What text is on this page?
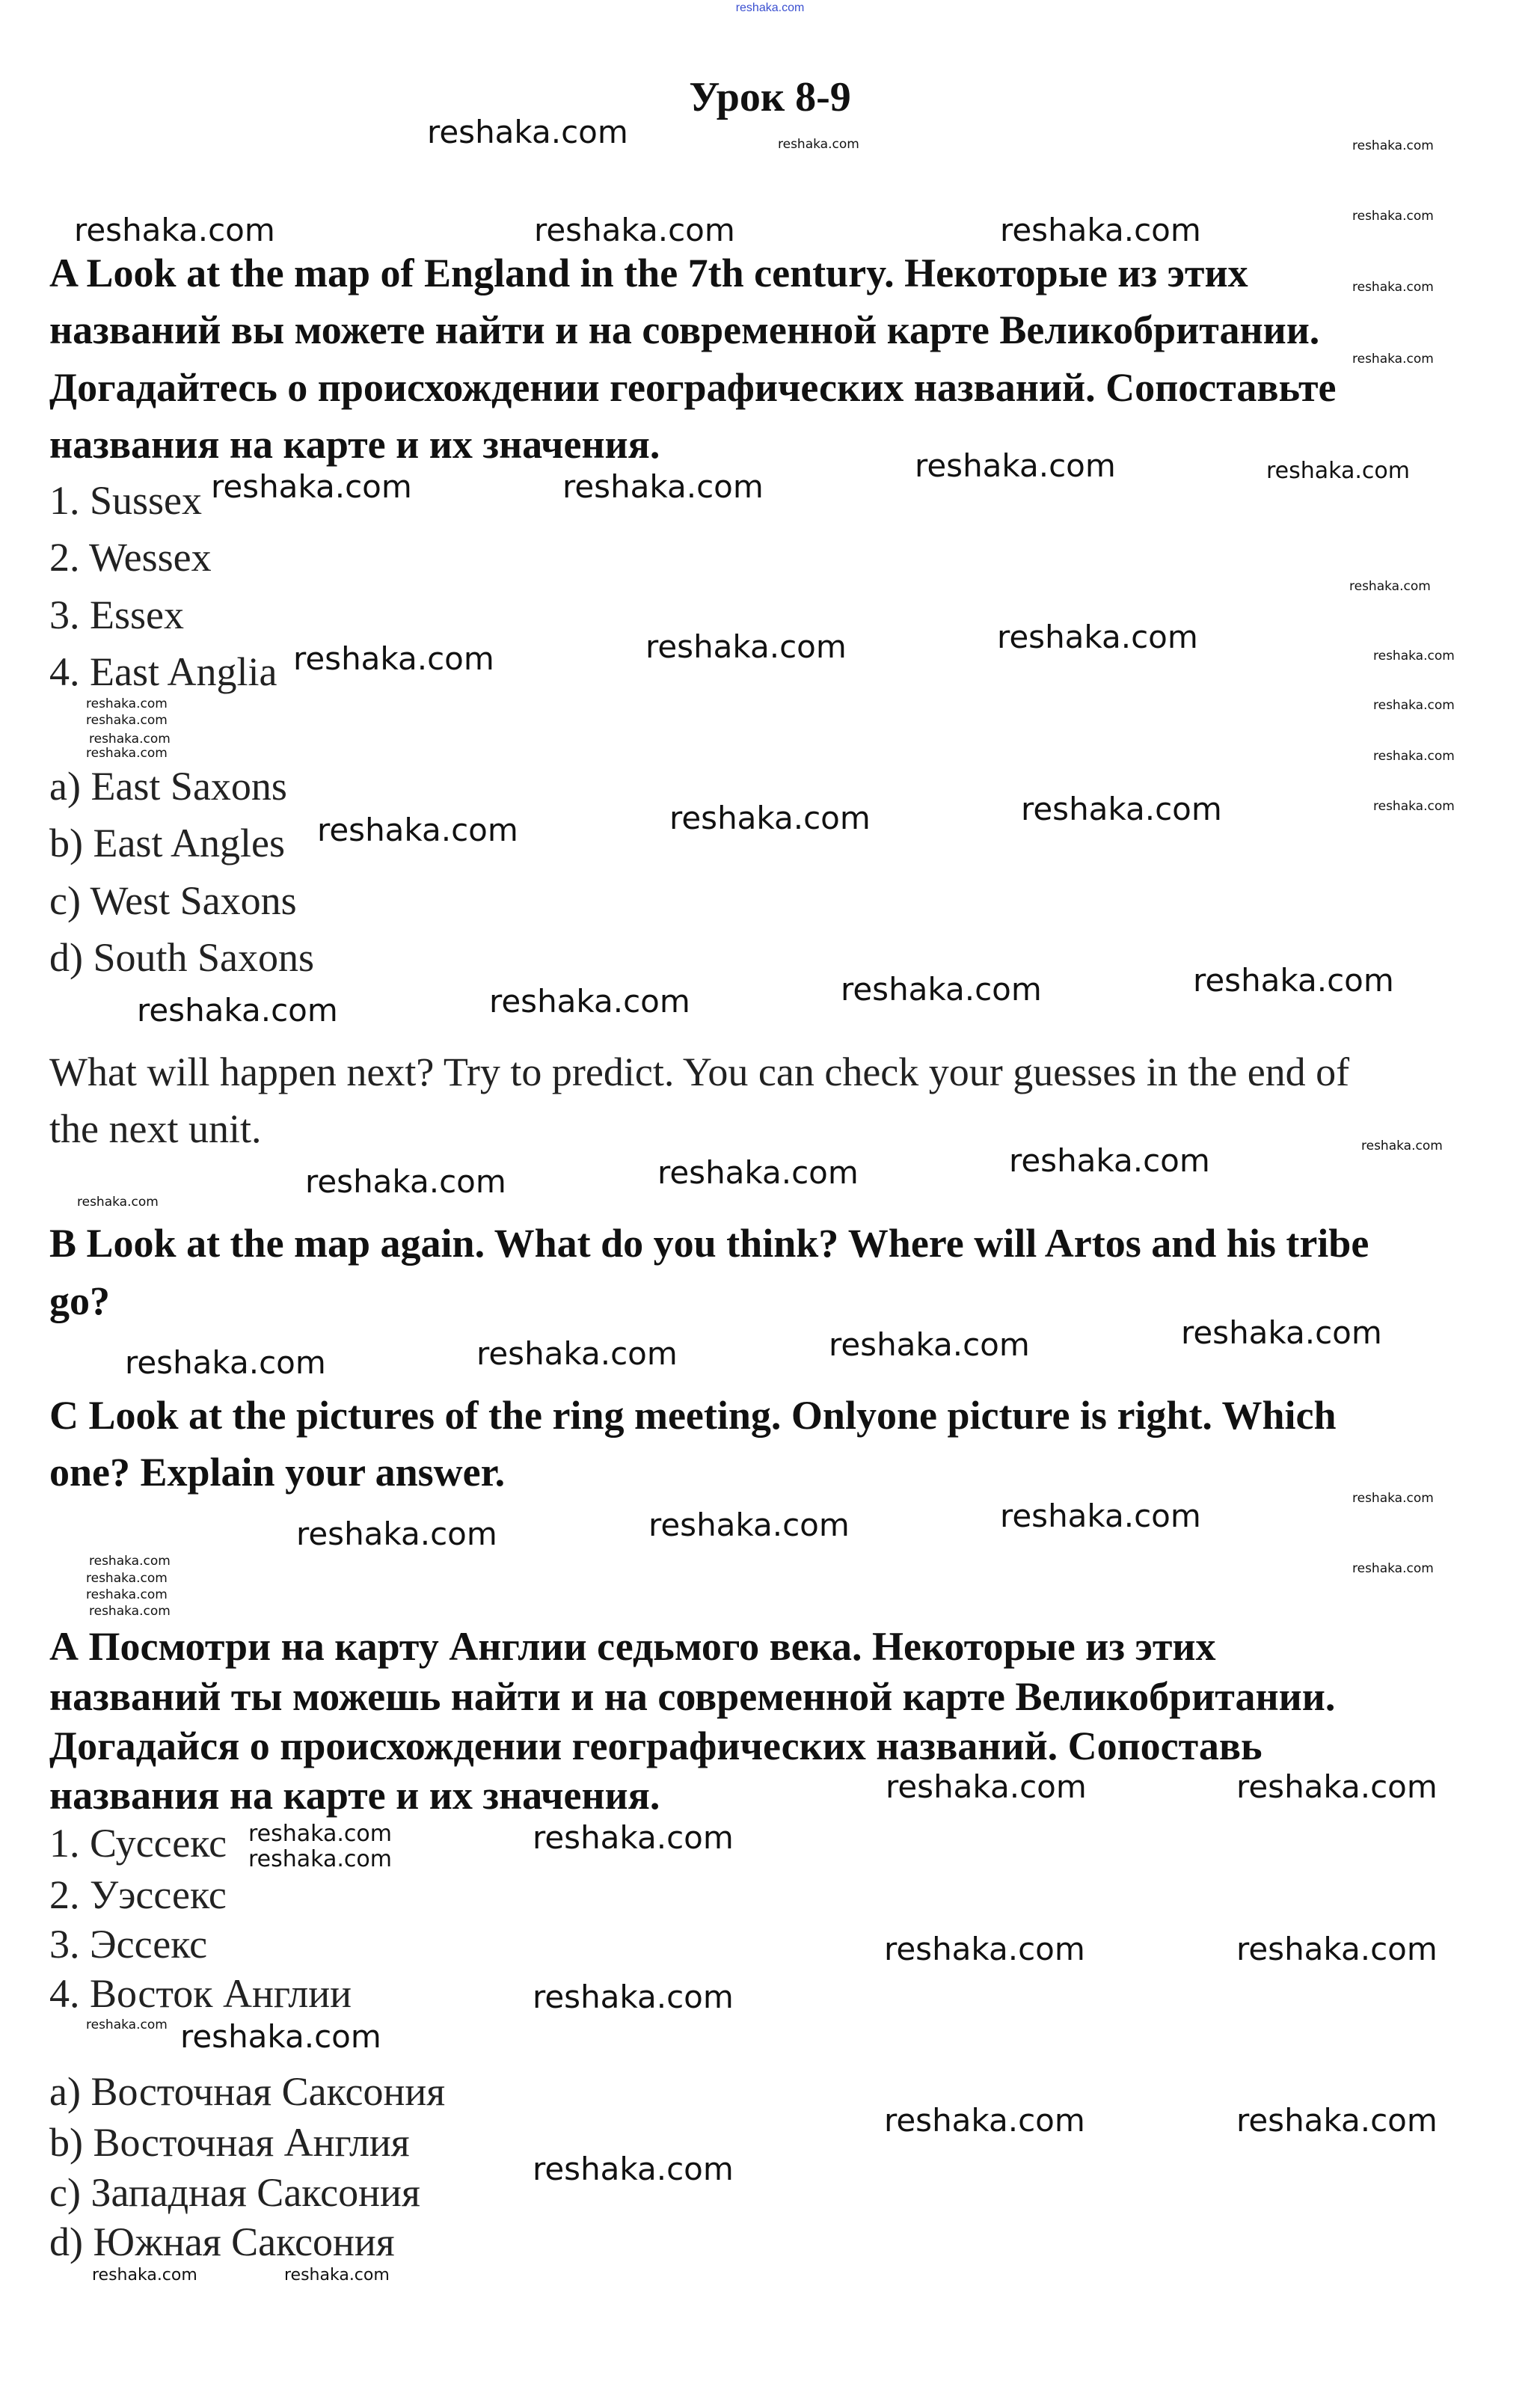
reshaka.com
Урок 8-9
A Look at the map of England in the 7th century. Некоторые из этих
названий вы можете найти и на современной карте Великобритании.
Догадайтесь о происхождении географических названий. Сопоставьте
названия на карте и их значения.
1. Sussex
2. Wessex
3. Essex
4. East Anglia
a) East Saxons
b) East Angles
c) West Saxons
d) South Saxons
What will happen next? Try to predict. You can check your guesses in the end of
the next unit.
B Look at the map again. What do you think? Where will Artos and his tribe
go?
C Look at the pictures of the ring meeting. Onlyone picture is right. Which
one? Explain your answer.
А Посмотри на карту Англии седьмого века. Некоторые из этих
названий ты можешь найти и на современной карте Великобритании.
Догадайся о происхождении географических названий. Сопоставь
названия на карте и их значения.
1. Суссекс
2. Уэссекс
3. Эссекс
4. Восток Англии
a) Восточная Саксония
b) Восточная Англия
c) Западная Саксония
d) Южная Саксония
reshaka.com
reshaka.com	reshaka.com
reshaka.com
reshaka.com	reshaka.com
reshaka.com
reshaka.com	reshaka.com	reshaka.com
reshaka.com	reshaka.com	reshaka.com
reshaka.com	reshaka.com	reshaka.com	reshaka.com
reshaka.com	reshaka.com	reshaka.com
reshaka.com	reshaka.com	reshaka.com	reshaka.com
reshaka.com	reshaka.com	reshaka.com
reshaka.com	reshaka.com
reshaka.com
reshaka.com	reshaka.com
reshaka.com
reshaka.com
reshaka.com	reshaka.com
reshaka.com
reshaka.com
reshaka.com
reshaka.com
reshaka.com	reshaka.com
reshaka.com
reshaka.com
reshaka.com
reshaka.com
reshaka.com
reshaka.com
reshaka.com
reshaka.com
reshaka.com	reshaka.com
reshaka.com
reshaka.com
reshaka.com
reshaka.com
reshaka.com
reshaka.com
reshaka.com
reshaka.com
reshaka.com
reshaka.com
reshaka.com
reshaka.com	reshaka.com
